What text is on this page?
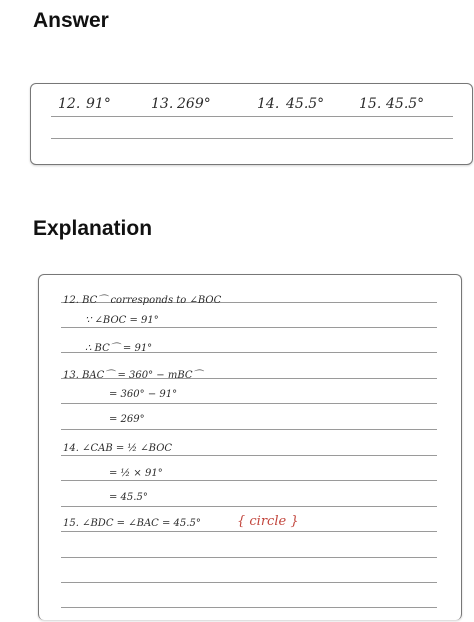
Answer
12. 91°	13. 269°	14. 45.5° 15. 45.5°
Explanation
12. BC⌒ corresponds to ∠BOC
∵ ∠BOC = 91°
∴ BC⌒ = 91°
13. BAC⌒ = 360° − mBC⌒
= 360° − 91°
= 269°
14. ∠CAB = ½ ∠BOC
= ½ × 91°
= 45.5°
15. ∠BDC = ∠BAC = 45.5°	{ circle }
